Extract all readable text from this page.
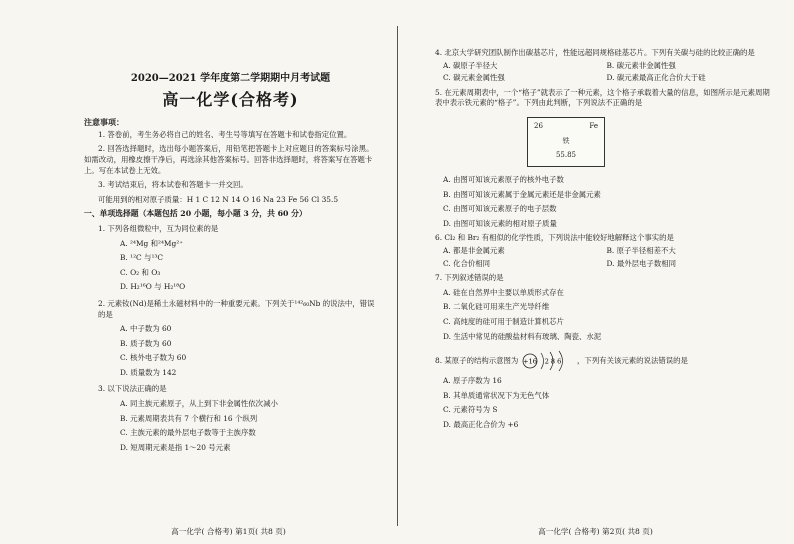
2020—2021 学年度第二学期期中月考试题
高一化学(合格考)
注意事项：

1. 答卷前，考生务必将自己的姓名、考生号等填写在答题卡和试卷指定位置。

2. 回答选择题时，选出每小题答案后，用铅笔把答题卡上对应题目的答案标号涂黑。如需改动，用橡皮擦干净后，再选涂其他答案标号。回答非选择题时，将答案写在答题卡上。写在本试卷上无效。

3. 考试结束后，将本试卷和答题卡一并交回。

可能用到的相对原子质量：H 1 C 12 N 14 O 16 Na 23 Fe 56 Cl 35.5
一、单项选择题（本题包括 20 小题，每小题 3 分，共 60 分）
1. 下列各组微粒中，互为同位素的是
A. ²⁴Mg 和²⁴Mg²⁺
B. ¹²C 与¹³C
C. O₂ 和 O₃
D. H₂¹⁶O 与 H₂¹⁸O
2. 元素钕(Nd)是稀土永磁材料中的一种重要元素。下列关于¹⁴²₆₀Nb 的说法中，错误的是
A. 中子数为 60
B. 质子数为 60
C. 核外电子数为 60
D. 质量数为 142
3. 以下说法正确的是
A. 同主族元素原子，从上到下非金属性依次减小
B. 元素周期表共有 7 个横行和 16 个纵列
C. 主族元素的最外层电子数等于主族序数
D. 短周期元素是指 1～20 号元素
高一化学( 合格考) 第1页( 共8 页)
4. 北京大学研究团队制作出碳基芯片，性能远超同规格硅基芯片。下列有关碳与硅的比较正确的是
A. 碳原子半径大	B. 碳元素非金属性强
C. 碳元素金属性强	D. 碳元素最高正化合价大于硅
5. 在元素周期表中，一个“格子”就表示了一种元素，这个格子承载着大量的信息，如图所示是元素周期表中表示铁元素的“格子”。下列由此判断，下列说法不正确的是
26	Fe
铁
55.85
A. 由图可知该元素原子的核外电子数
B. 由图可知该元素属于金属元素还是非金属元素
C. 由图可知该元素原子的电子层数
D. 由图可知该元素的相对原子质量
6. Cl₂ 和 Br₂ 有相似的化学性质，下列说法中能较好地解释这个事实的是
A. 都是非金属元素	B. 原子半径相差不大
C. 化合价相同	D. 最外层电子数相同
7. 下列叙述错误的是
A. 硅在自然界中主要以单质形式存在
B. 二氧化硅可用来生产光导纤维
C. 高纯度的硅可用于制造计算机芯片
D. 生活中常见的硅酸盐材料有玻璃、陶瓷、水泥
8. 某原子的结构示意图为 +16 2 8 6 ，下列有关该元素的说法错误的是
A. 原子序数为 16
B. 其单质通常状况下为无色气体
C. 元素符号为 S
D. 最高正化合价为 +6
高一化学( 合格考) 第2页( 共8 页)
